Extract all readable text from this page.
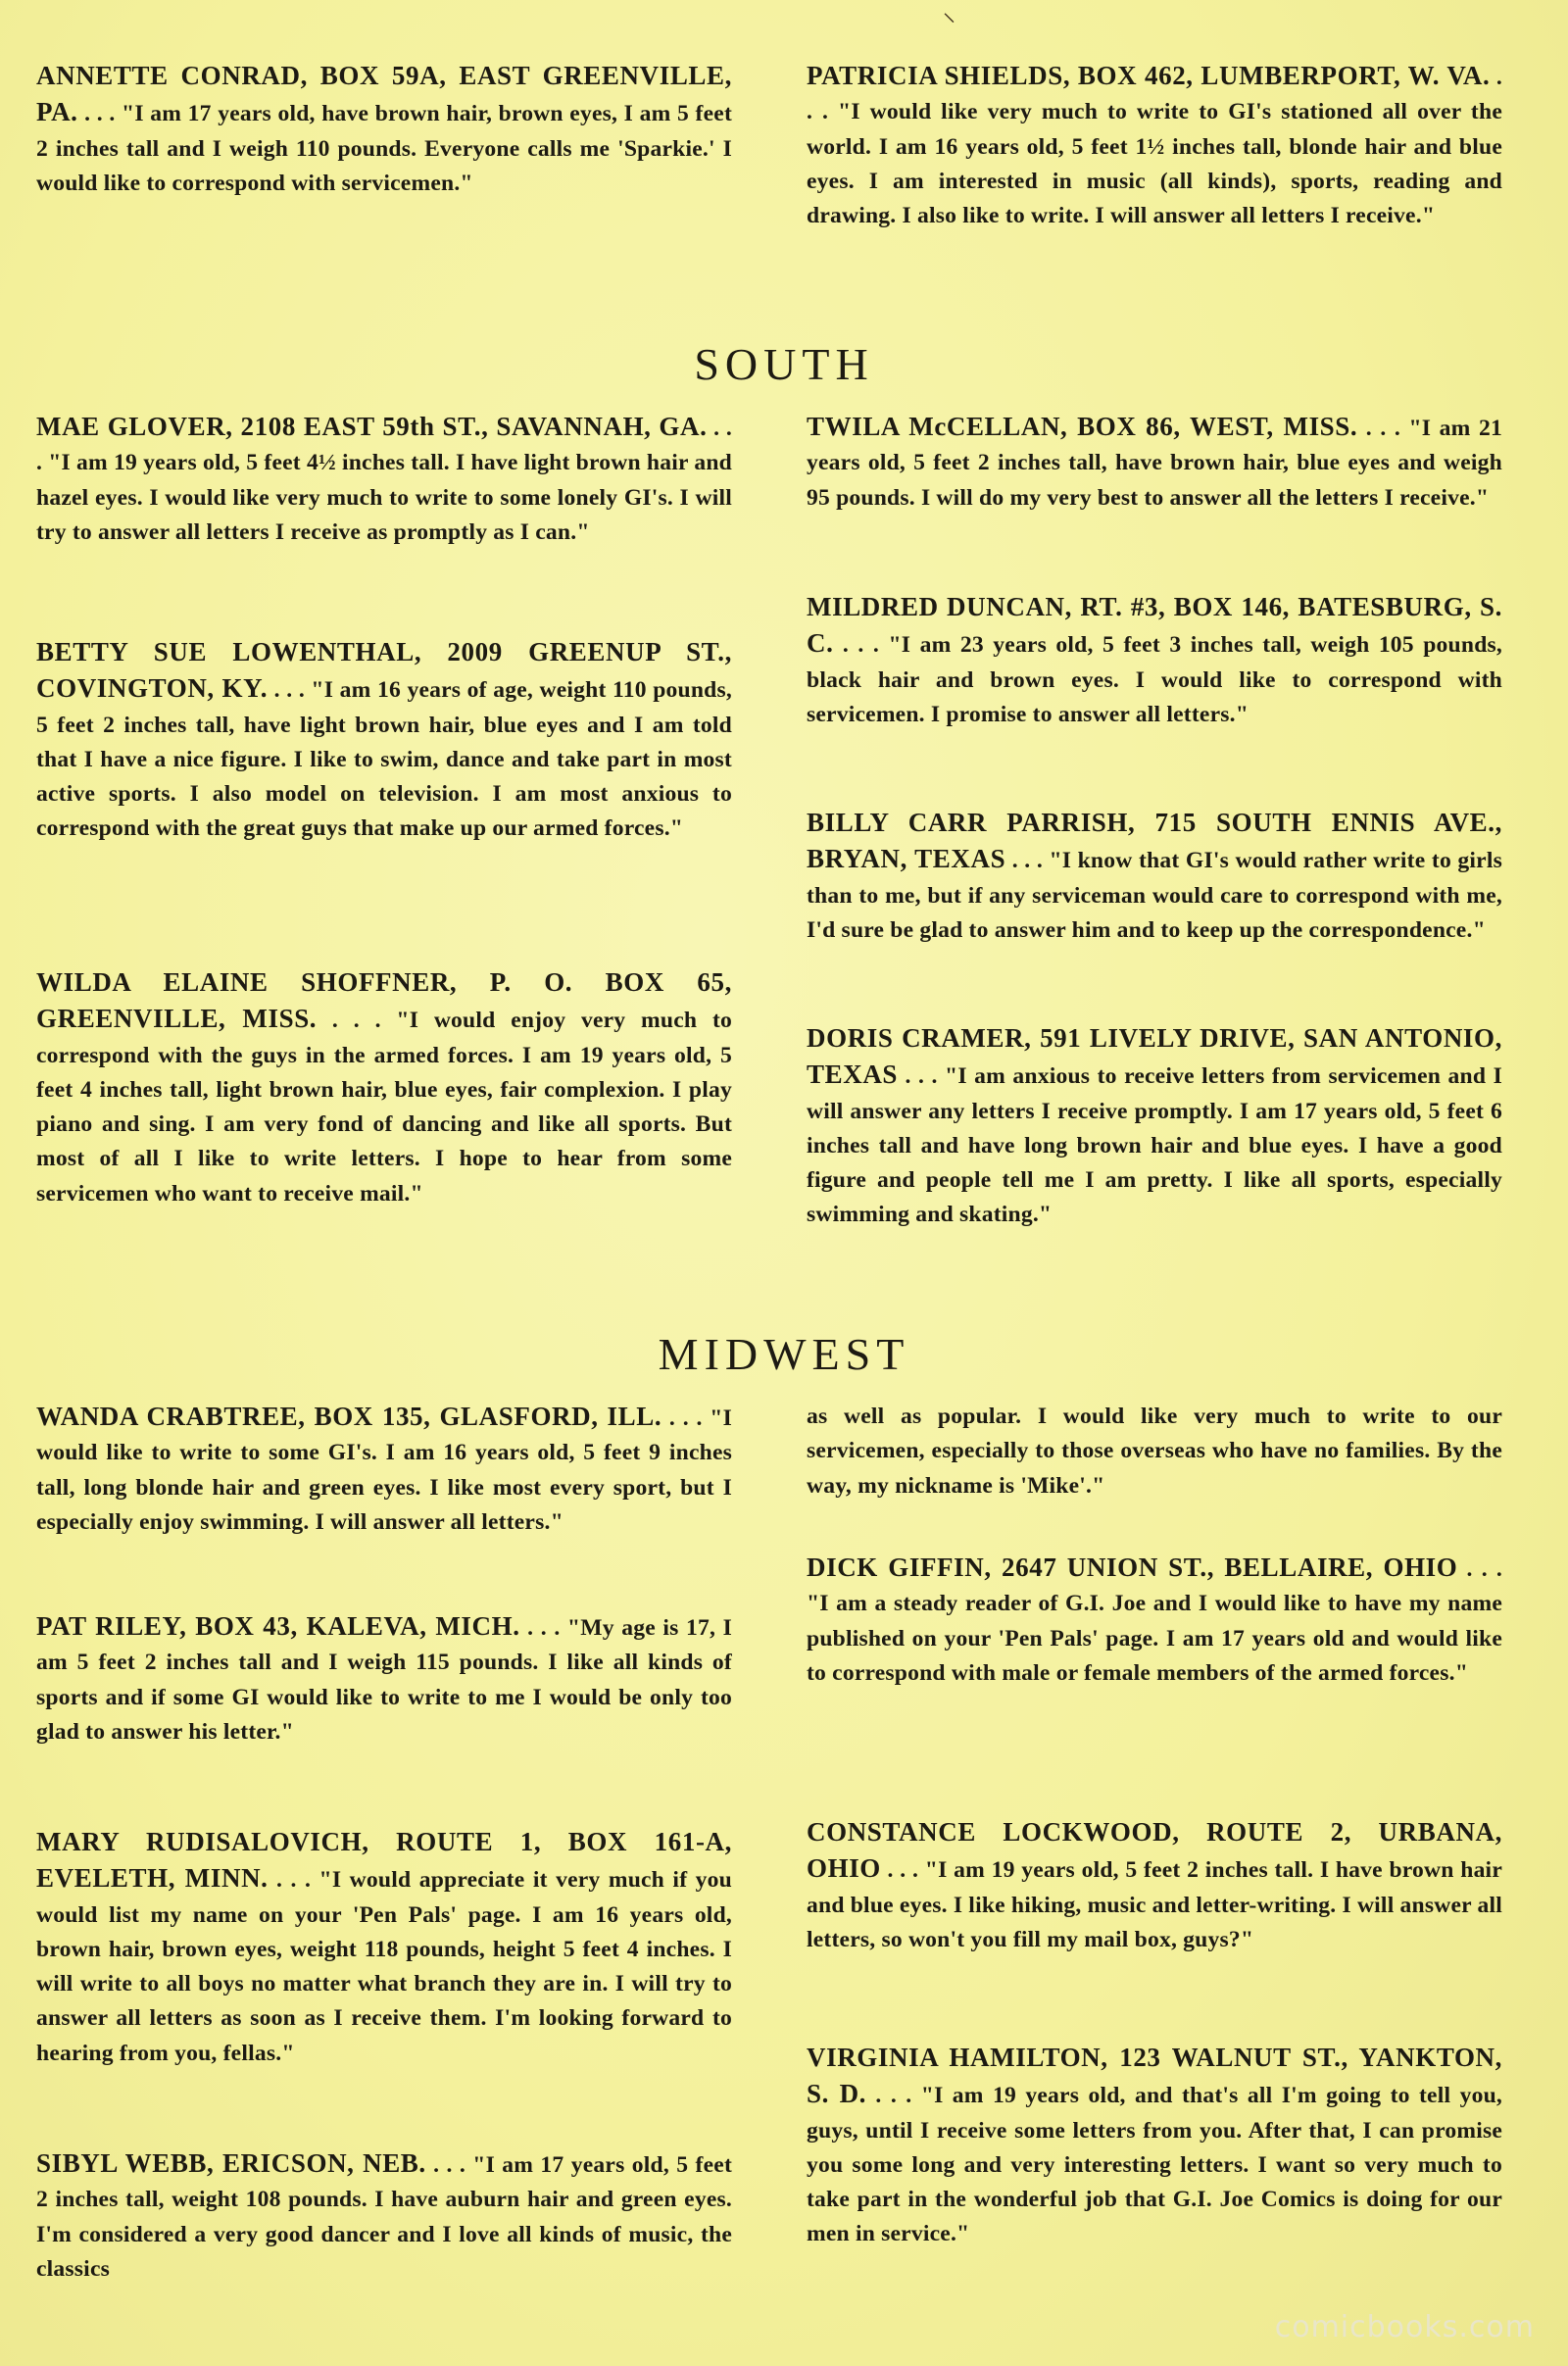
⸜
ANNETTE CONRAD, BOX 59A, EAST GREENVILLE, PA. . . . "I am 17 years old, have brown hair, brown eyes, I am 5 feet 2 inches tall and I weigh 110 pounds. Everyone calls me 'Sparkie.' I would like to correspond with servicemen."
PATRICIA SHIELDS, BOX 462, LUMBERPORT, W. VA. . . . "I would like very much to write to GI's stationed all over the world. I am 16 years old, 5 feet 1½ inches tall, blonde hair and blue eyes. I am interested in music (all kinds), sports, reading and drawing. I also like to write. I will answer all letters I receive."
SOUTH
MAE GLOVER, 2108 EAST 59th ST., SAVANNAH, GA. . . . "I am 19 years old, 5 feet 4½ inches tall. I have light brown hair and hazel eyes. I would like very much to write to some lonely GI's. I will try to answer all letters I receive as promptly as I can."
BETTY SUE LOWENTHAL, 2009 GREENUP ST., COVINGTON, KY. . . . "I am 16 years of age, weight 110 pounds, 5 feet 2 inches tall, have light brown hair, blue eyes and I am told that I have a nice figure. I like to swim, dance and take part in most active sports. I also model on television. I am most anxious to correspond with the great guys that make up our armed forces."
WILDA ELAINE SHOFFNER, P. O. BOX 65, GREENVILLE, MISS. . . . "I would enjoy very much to correspond with the guys in the armed forces. I am 19 years old, 5 feet 4 inches tall, light brown hair, blue eyes, fair complexion. I play piano and sing. I am very fond of dancing and like all sports. But most of all I like to write letters. I hope to hear from some servicemen who want to receive mail."
TWILA McCELLAN, BOX 86, WEST, MISS. . . . "I am 21 years old, 5 feet 2 inches tall, have brown hair, blue eyes and weigh 95 pounds. I will do my very best to answer all the letters I receive."
MILDRED DUNCAN, RT. #3, BOX 146, BATESBURG, S. C. . . . "I am 23 years old, 5 feet 3 inches tall, weigh 105 pounds, black hair and brown eyes. I would like to correspond with servicemen. I promise to answer all letters."
BILLY CARR PARRISH, 715 SOUTH ENNIS AVE., BRYAN, TEXAS . . . "I know that GI's would rather write to girls than to me, but if any serviceman would care to correspond with me, I'd sure be glad to answer him and to keep up the correspondence."
DORIS CRAMER, 591 LIVELY DRIVE, SAN ANTONIO, TEXAS . . . "I am anxious to receive letters from servicemen and I will answer any letters I receive promptly. I am 17 years old, 5 feet 6 inches tall and have long brown hair and blue eyes. I have a good figure and people tell me I am pretty. I like all sports, especially swimming and skating."
MIDWEST
WANDA CRABTREE, BOX 135, GLASFORD, ILL. . . . "I would like to write to some GI's. I am 16 years old, 5 feet 9 inches tall, long blonde hair and green eyes. I like most every sport, but I especially enjoy swimming. I will answer all letters."
PAT RILEY, BOX 43, KALEVA, MICH. . . . "My age is 17, I am 5 feet 2 inches tall and I weigh 115 pounds. I like all kinds of sports and if some GI would like to write to me I would be only too glad to answer his letter."
MARY RUDISALOVICH, ROUTE 1, BOX 161-A, EVELETH, MINN. . . . "I would appreciate it very much if you would list my name on your 'Pen Pals' page. I am 16 years old, brown hair, brown eyes, weight 118 pounds, height 5 feet 4 inches. I will write to all boys no matter what branch they are in. I will try to answer all letters as soon as I receive them. I'm looking forward to hearing from you, fellas."
SIBYL WEBB, ERICSON, NEB. . . . "I am 17 years old, 5 feet 2 inches tall, weight 108 pounds. I have auburn hair and green eyes. I'm considered a very good dancer and I love all kinds of music, the classics
as well as popular. I would like very much to write to our servicemen, especially to those overseas who have no families. By the way, my nickname is 'Mike'."
DICK GIFFIN, 2647 UNION ST., BELLAIRE, OHIO . . . "I am a steady reader of G.I. Joe and I would like to have my name published on your 'Pen Pals' page. I am 17 years old and would like to correspond with male or female members of the armed forces."
CONSTANCE LOCKWOOD, ROUTE 2, URBANA, OHIO . . . "I am 19 years old, 5 feet 2 inches tall. I have brown hair and blue eyes. I like hiking, music and letter-writing. I will answer all letters, so won't you fill my mail box, guys?"
VIRGINIA HAMILTON, 123 WALNUT ST., YANKTON, S. D. . . . "I am 19 years old, and that's all I'm going to tell you, guys, until I receive some letters from you. After that, I can promise you some long and very interesting letters. I want so very much to take part in the wonderful job that G.I. Joe Comics is doing for our men in service."
comicbooks.com
